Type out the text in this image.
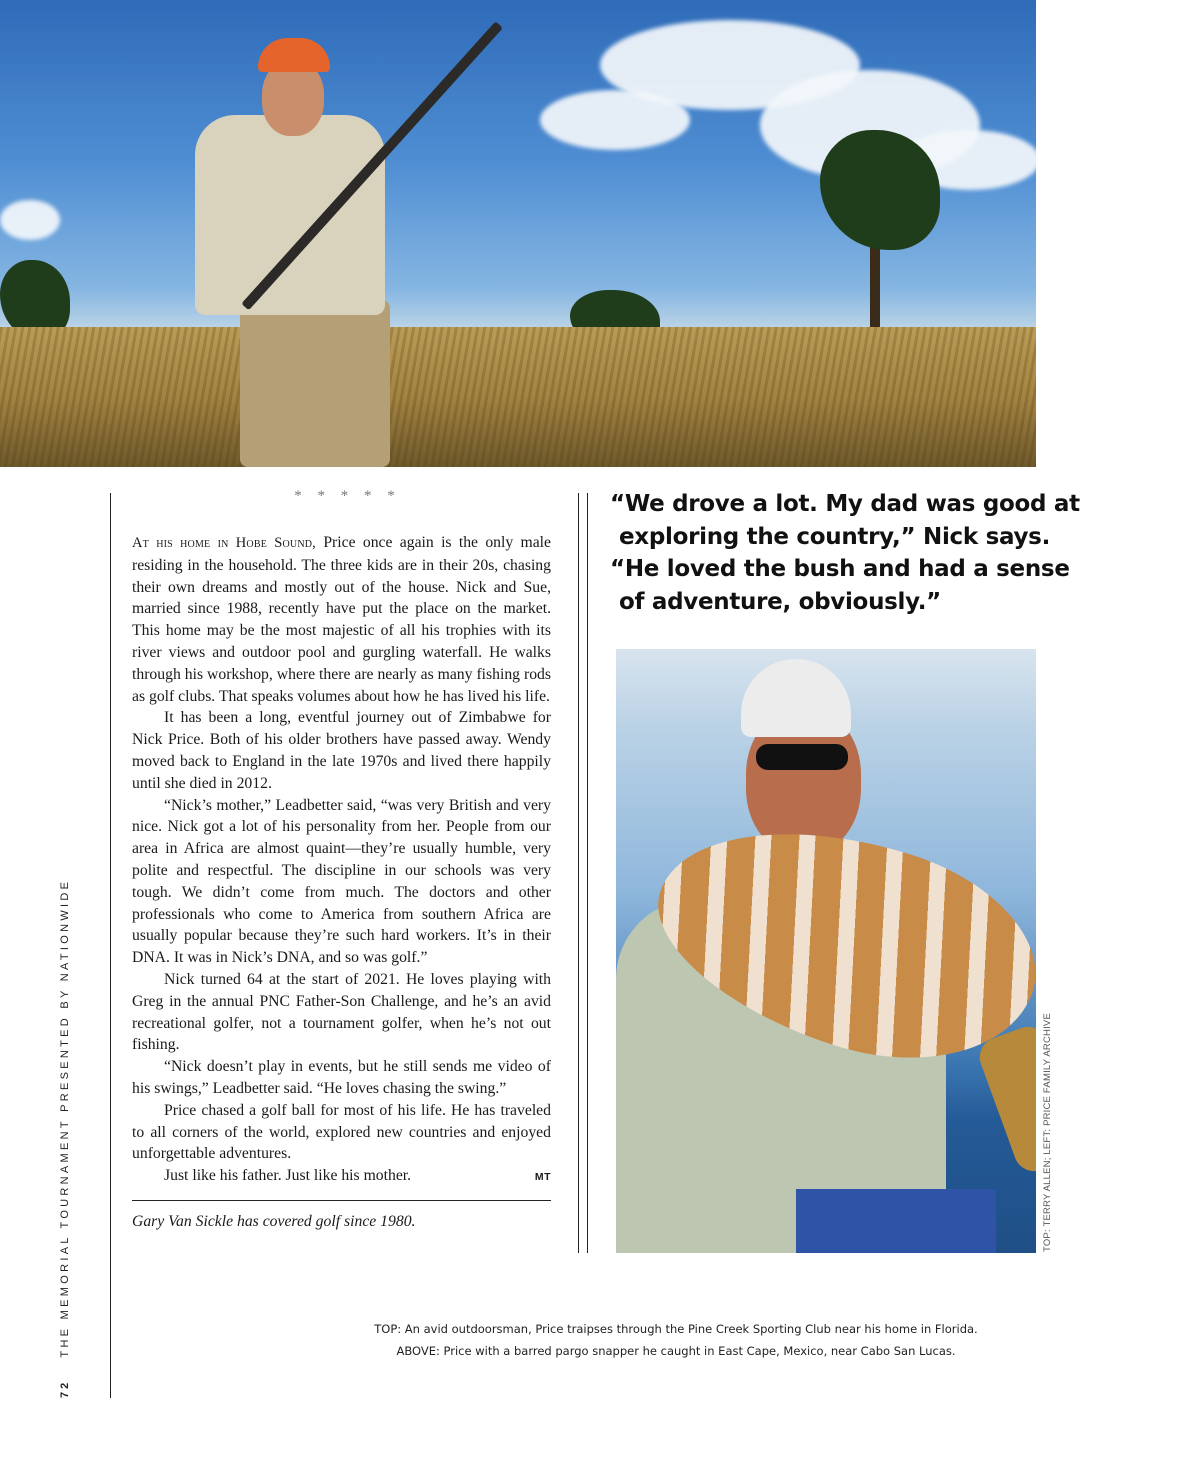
72 THE MEMORIAL TOURNAMENT PRESENTED BY NATIONWIDE
* * * * *

At his home in Hobe Sound, Price once again is the only male residing in the household. The three kids are in their 20s, chasing their own dreams and mostly out of the house. Nick and Sue, married since 1988, recently have put the place on the market. This home may be the most majestic of all his trophies with its river views and outdoor pool and gurgling waterfall. He walks through his workshop, where there are nearly as many fishing rods as golf clubs. That speaks volumes about how he has lived his life.

It has been a long, eventful journey out of Zimbabwe for Nick Price. Both of his older brothers have passed away. Wendy moved back to England in the late 1970s and lived there happily until she died in 2012.

“Nick’s mother,” Leadbetter said, “was very British and very nice. Nick got a lot of his personality from her. People from our area in Africa are almost quaint—they’re usually humble, very polite and respectful. The discipline in our schools was very tough. We didn’t come from much. The doctors and other professionals who come to America from southern Africa are usually popular because they’re such hard workers. It’s in their DNA. It was in Nick’s DNA, and so was golf.”

Nick turned 64 at the start of 2021. He loves playing with Greg in the annual PNC Father-Son Challenge, and he’s an avid recreational golfer, not a tournament golfer, when he’s not out fishing.

“Nick doesn’t play in events, but he still sends me video of his swings,” Leadbetter said. “He loves chasing the swing.”

Price chased a golf ball for most of his life. He has traveled to all corners of the world, explored new countries and enjoyed unforgettable adventures.

Just like his father. Just like his mother.	MT

Gary Van Sickle has covered golf since 1980.

“We drove a lot. My dad was good at
exploring the country,” Nick says.
“He loved the bush and had a sense
of adventure, obviously.”
TOP: TERRY ALLEN; LEFT: PRICE FAMILY ARCHIVE

TOP: An avid outdoorsman, Price traipses through the Pine Creek Sporting Club near his home in Florida.

ABOVE: Price with a barred pargo snapper he caught in East Cape, Mexico, near Cabo San Lucas.
